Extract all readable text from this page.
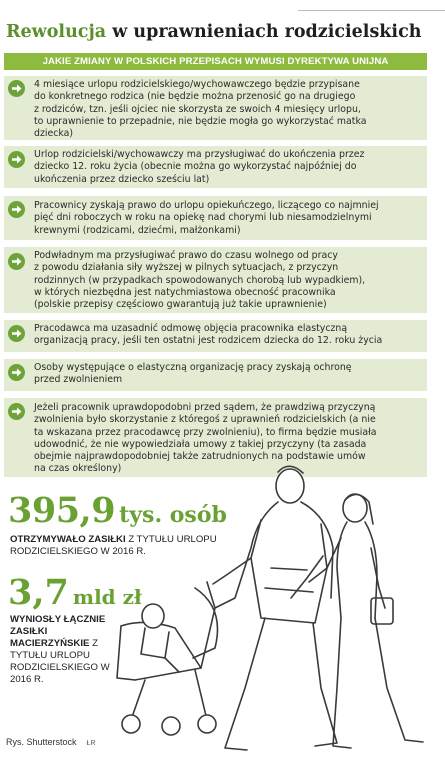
Rewolucja w uprawnieniach rodzicielskich
JAKIE ZMIANY W POLSKICH PRZEPISACH WYMUSI DYREKTYWA UNIJNA
4 miesiące urlopu rodzicielskiego/wychowawczego będzie przypisane
do konkretnego rodzica (nie będzie można przenosić go na drugiego
z rodziców, tzn. jeśli ojciec nie skorzysta ze swoich 4 miesięcy urlopu,
to uprawnienie to przepadnie, nie będzie mogła go wykorzystać matka
dziecka)
Urlop rodzicielski/wychowawczy ma przysługiwać do ukończenia przez
dziecko 12. roku życia (obecnie można go wykorzystać najpóźniej do
ukończenia przez dziecko sześciu lat)
Pracownicy zyskają prawo do urlopu opiekuńczego, liczącego co najmniej
pięć dni roboczych w roku na opiekę nad chorymi lub niesamodzielnymi
krewnymi (rodzicami, dziećmi, małżonkami)
Podwładnym ma przysługiwać prawo do czasu wolnego od pracy
z powodu działania siły wyższej w pilnych sytuacjach, z przyczyn
rodzinnych (w przypadkach spowodowanych chorobą lub wypadkiem),
w których niezbędna jest natychmiastowa obecność pracownika
(polskie przepisy częściowo gwarantują już takie uprawnienie)
Pracodawca ma uzasadnić odmowę objęcia pracownika elastyczną
organizacją pracy, jeśli ten ostatni jest rodzicem dziecka do 12. roku życia
Osoby występujące o elastyczną organizację pracy zyskają ochronę
przed zwolnieniem
Jeżeli pracownik uprawdopodobni przed sądem, że prawdziwą przyczyną
zwolnienia było skorzystanie z któregoś z uprawnień rodzicielskich (a nie
ta wskazana przez pracodawcę przy zwolnieniu), to firma będzie musiała
udowodnić, że nie wypowiedziała umowy z takiej przyczyny (ta zasada
obejmie najprawdopodobniej także zatrudnionych na podstawie umów
na czas określony)
395,9 tys. osób
OTRZYMYWAŁO ZASIŁKI Z TYTUŁU URLOPU RODZICIELSKIEGO W 2016 R.
3,7 mld zł
WYNIOSŁY ŁĄCZNIE ZASIŁKI MACIERZYŃSKIE Z TYTUŁU URLOPU RODZICIELSKIEGO W 2016 R.
Rys. Shutterstock ŁR
